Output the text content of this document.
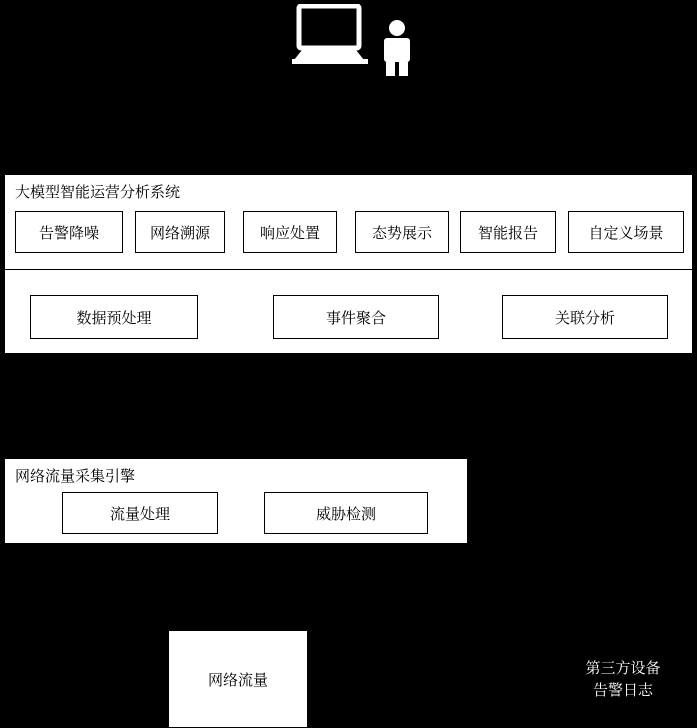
大模型智能运营分析系统
告警降噪	网络溯源	响应处置	态势展示	智能报告	自定义场景
数据预处理	事件聚合	关联分析
网络流量采集引擎
流量处理	威胁检测
网络流量
第三方设备
告警日志
